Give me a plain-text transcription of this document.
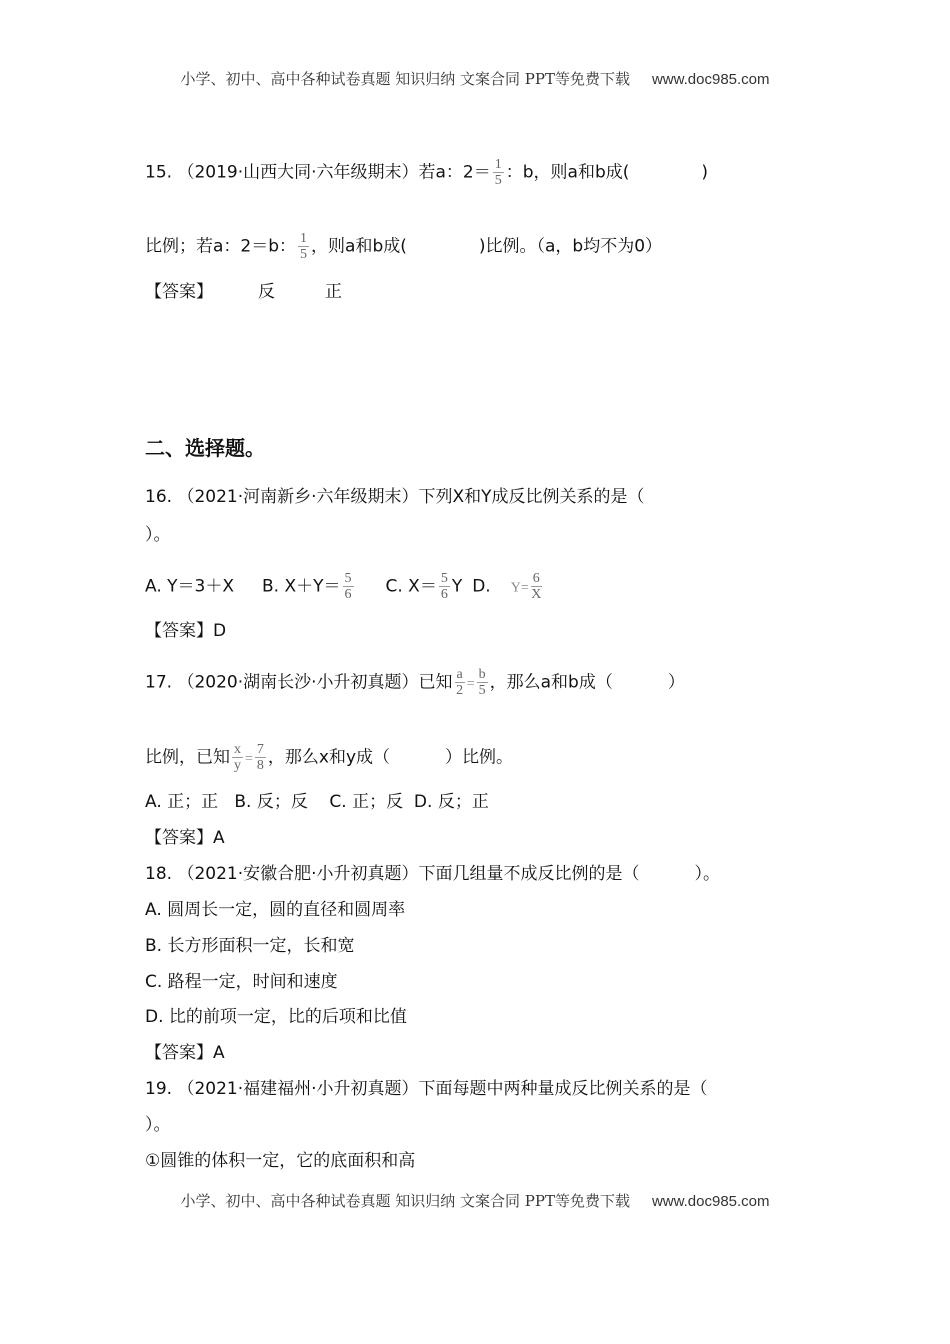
小学、初中、高中各种试卷真题 知识归纳 文案合同 PPT等免费下载 www.doc985.com
15. （2019·山西大同·六年级期末）若a：$2= \frac{1}{5}$ ：b，则a和b成(	)
比例；若a：2＝b： $\frac{1}{5}$ ，则a和b成(	)比例。（a，b均不为0）
【答案】	反	正
二、选择题。
16. （2021·河南新乡·六年级期末）下列X和Y成反比例关系的是（
）。
A. Y＝3＋X B. $X+Y= \frac{5}{6} C$. $X= \frac{5}{6}$ Y D. $Y= \frac{6}{X}$
【答案】D
17. （2020·湖南长沙·小升初真题）已知 $\frac{a}{2} = \frac{b}{5}$ ，那么a和b成（	）
比例，已知 $\frac{x}{y} = \frac{7}{8}$ ，那么x和y成（	）比例。
A. 正；正   B. 反；反    C. 正；反  D. 反；正
【答案】A
18. （2021·安徽合肥·小升初真题）下面几组量不成反比例的是（	）。
A. 圆周长一定，圆的直径和圆周率
B. 长方形面积一定，长和宽
C. 路程一定，时间和速度
D. 比的前项一定，比的后项和比值
【答案】A
19. （2021·福建福州·小升初真题）下面每题中两种量成反比例关系的是（
）。
①圆锥的体积一定，它的底面积和高
小学、初中、高中各种试卷真题 知识归纳 文案合同 PPT等免费下载 www.doc985.com
